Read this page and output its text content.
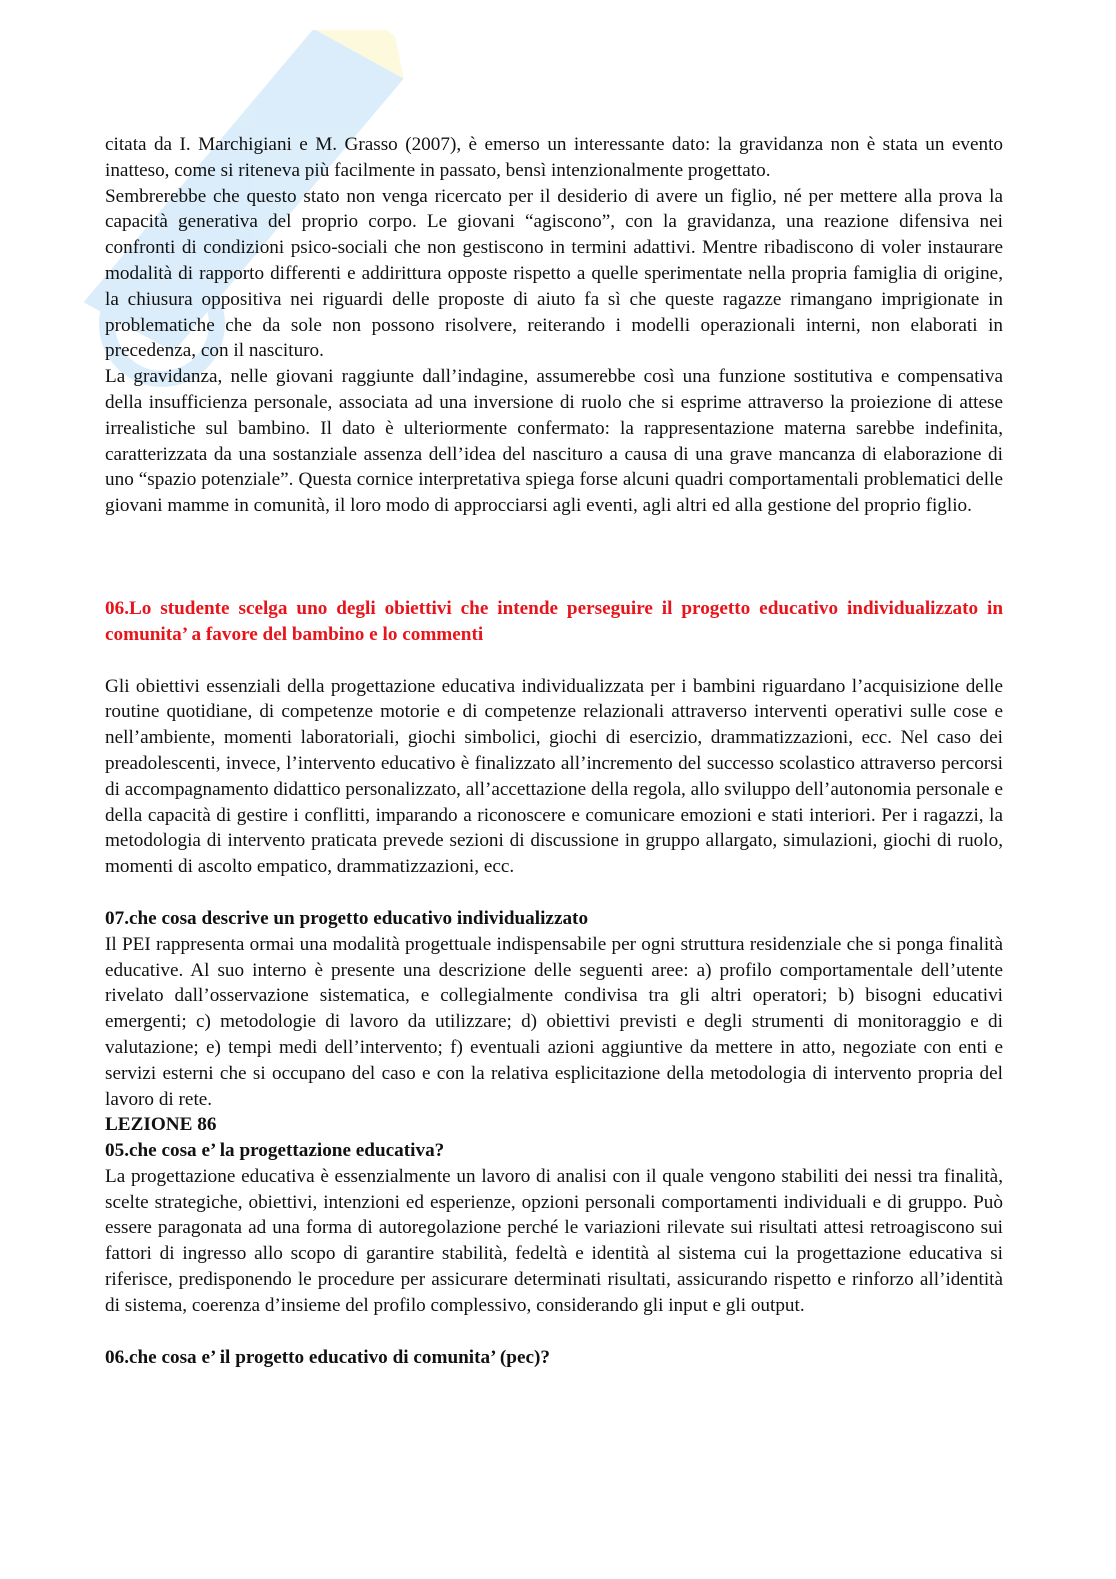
citata da I. Marchigiani e M. Grasso (2007), è emerso un interessante dato: la gravidanza non è stata un evento inatteso, come si riteneva più facilmente in passato, bensì intenzionalmente progettato.

Sembrerebbe che questo stato non venga ricercato per il desiderio di avere un figlio, né per mettere alla prova la capacità generativa del proprio corpo. Le giovani “agiscono”, con la gravidanza, una reazione difensiva nei confronti di condizioni psico-sociali che non gestiscono in termini adattivi. Mentre ribadiscono di voler instaurare modalità di rapporto differenti e addirittura opposte rispetto a quelle sperimentate nella propria famiglia di origine, la chiusura oppositiva nei riguardi delle proposte di aiuto fa sì che queste ragazze rimangano imprigionate in problematiche che da sole non possono risolvere, reiterando i modelli operazionali interni, non elaborati in precedenza, con il nascituro.

La gravidanza, nelle giovani raggiunte dall’indagine, assumerebbe così una funzione sostitutiva e compensativa della insufficienza personale, associata ad una inversione di ruolo che si esprime attraverso la proiezione di attese irrealistiche sul bambino. Il dato è ulteriormente confermato: la rappresentazione materna sarebbe indefinita, caratterizzata da una sostanziale assenza dell’idea del nascituro a causa di una grave mancanza di elaborazione di uno “spazio potenziale”. Questa cornice interpretativa spiega forse alcuni quadri comportamentali problematici delle giovani mamme in comunità, il loro modo di approcciarsi agli eventi, agli altri ed alla gestione del proprio figlio.

06.Lo studente scelga uno degli obiettivi che intende perseguire il progetto educativo individualizzato in comunita’ a favore del bambino e lo commenti

Gli obiettivi essenziali della progettazione educativa individualizzata per i bambini riguardano l’acquisizione delle routine quotidiane, di competenze motorie e di competenze relazionali attraverso interventi operativi sulle cose e nell’ambiente, momenti laboratoriali, giochi simbolici, giochi di esercizio, drammatizzazioni, ecc. Nel caso dei preadolescenti, invece, l’intervento educativo è finalizzato all’incremento del successo scolastico attraverso percorsi di accompagnamento didattico personalizzato, all’accettazione della regola, allo sviluppo dell’autonomia personale e della capacità di gestire i conflitti, imparando a riconoscere e comunicare emozioni e stati interiori. Per i ragazzi, la metodologia di intervento praticata prevede sezioni di discussione in gruppo allargato, simulazioni, giochi di ruolo, momenti di ascolto empatico, drammatizzazioni, ecc.

07.che cosa descrive un progetto educativo individualizzato

Il PEI rappresenta ormai una modalità progettuale indispensabile per ogni struttura residenziale che si ponga finalità educative. Al suo interno è presente una descrizione delle seguenti aree: a) profilo comportamentale dell’utente rivelato dall’osservazione sistematica, e collegialmente condivisa tra gli altri operatori; b) bisogni educativi emergenti; c) metodologie di lavoro da utilizzare; d) obiettivi previsti e degli strumenti di monitoraggio e di valutazione; e) tempi medi dell’intervento; f) eventuali azioni aggiuntive da mettere in atto, negoziate con enti e servizi esterni che si occupano del caso e con la relativa esplicitazione della metodologia di intervento propria del lavoro di rete.

LEZIONE 86

05.che cosa e’ la progettazione educativa?

La progettazione educativa è essenzialmente un lavoro di analisi con il quale vengono stabiliti dei nessi tra finalità, scelte strategiche, obiettivi, intenzioni ed esperienze, opzioni personali comportamenti individuali e di gruppo. Può essere paragonata ad una forma di autoregolazione perché le variazioni rilevate sui risultati attesi retroagiscono sui fattori di ingresso allo scopo di garantire stabilità, fedeltà e identità al sistema cui la progettazione educativa si riferisce, predisponendo le procedure per assicurare determinati risultati, assicurando rispetto e rinforzo all’identità di sistema, coerenza d’insieme del profilo complessivo, considerando gli input e gli output.

06.che cosa e’ il progetto educativo di comunita’ (pec)?
